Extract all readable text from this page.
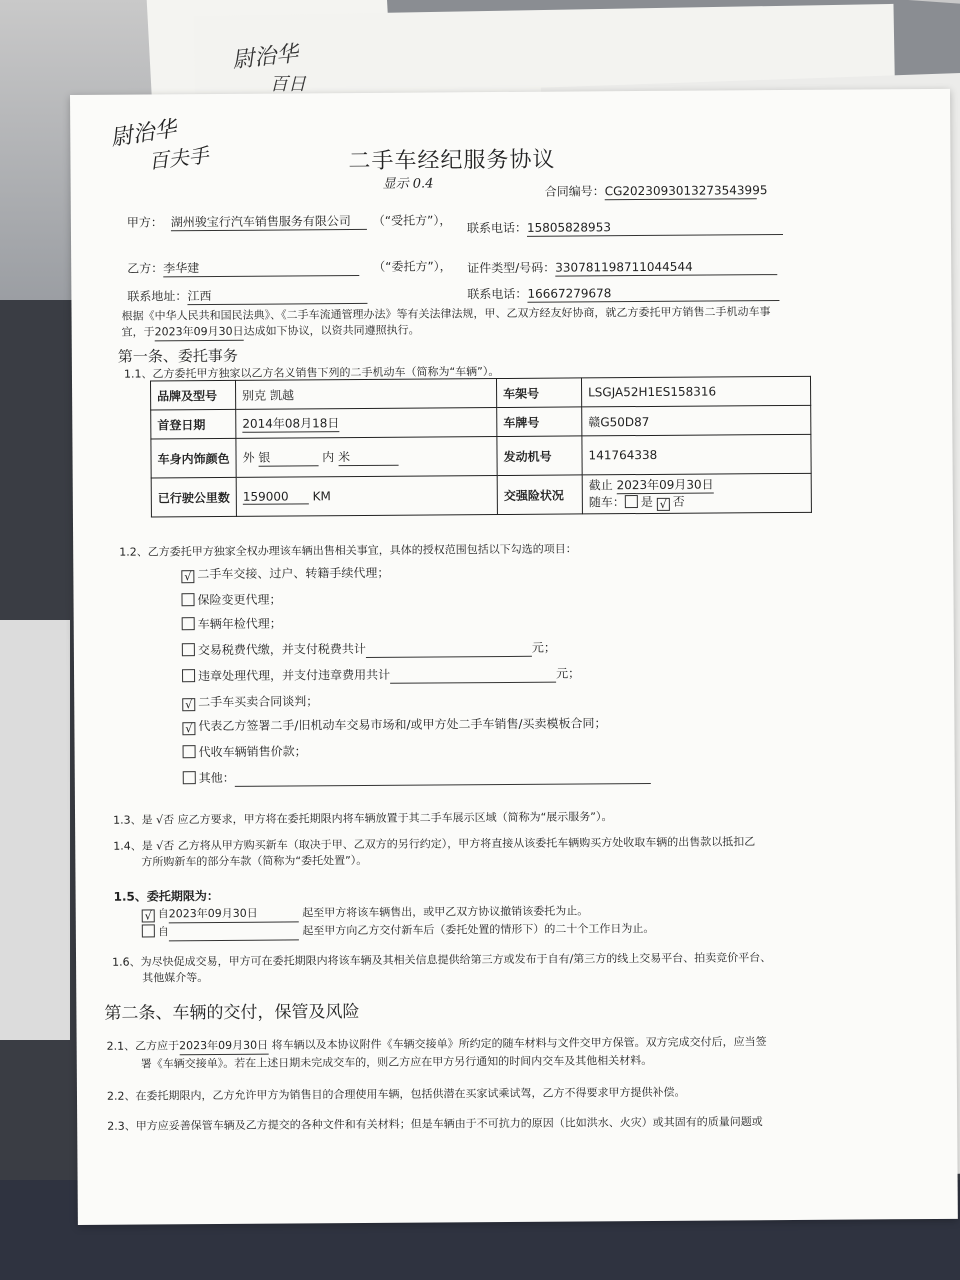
尉治华
百日
尉治华
百夫手	二手车经纪服务协议
显示 0.4	合同编号：CG2023093013273543995
甲方： 湖州骏宝行汽车销售服务有限公司	（“受托方”），
联系电话：15805828953
乙方：李华建	（“委托方”）， 证件类型/号码：330781198711044544
联系地址：江西	联系电话：16667279678
根据《中华人民共和国民法典》、《二手车流通管理办法》等有关法律法规，甲、乙双方经友好协商，就乙方委托甲方销售二手机动车事
宜，于2023年09月30日达成如下协议，以资共同遵照执行。
第一条、委托事务
1.1、乙方委托甲方独家以乙方名义销售下列的二手机动车（简称为“车辆”）。
品牌及型号	别克 凯越	车架号	LSGJA52H1ES158316
首登日期	2014年08月18日	车牌号	赣G50D87
车身内饰颜色	外 银 内 米	发动机号	141764338
已行驶公里数	159000 KM	交强险状况	截止 2023年09月30日
随车： 是 √ 否
1.2、乙方委托甲方独家全权办理该车辆出售相关事宜，具体的授权范围包括以下勾选的项目：
√ 二手车交接、过户、转籍手续代理；
保险变更代理；
车辆年检代理；
交易税费代缴，并支付税费共计	元；
违章处理代理，并支付违章费用共计	元；
√ 二手车买卖合同谈判；
√ 代表乙方签署二手/旧机动车交易市场和/或甲方处二手车销售/买卖模板合同；
代收车辆销售价款；
其他：
1.3、是 √否 应乙方要求，甲方将在委托期限内将车辆放置于其二手车展示区域（简称为“展示服务”）。
1.4、是 √否 乙方将从甲方购买新车（取决于甲、乙双方的另行约定），甲方将直接从该委托车辆购买方处收取车辆的出售款以抵扣乙
方所购新车的部分车款（简称为“委托处置”）。
1.5、委托期限为：
√ 自2023年09月30日	起至甲方将该车辆售出，或甲乙双方协议撤销该委托为止。
自	起至甲方向乙方交付新车后（委托处置的情形下）的二十个工作日为止。
1.6、为尽快促成交易，甲方可在委托期限内将该车辆及其相关信息提供给第三方或发布于自有/第三方的线上交易平台、拍卖竞价平台、
其他媒介等。
第二条、车辆的交付，保管及风险
2.1、乙方应于2023年09月30日 将车辆以及本协议附件《车辆交接单》所约定的随车材料与文件交甲方保管。双方完成交付后，应当签
署《车辆交接单》。若在上述日期未完成交车的，则乙方应在甲方另行通知的时间内交车及其他相关材料。
2.2、在委托期限内，乙方允许甲方为销售目的合理使用车辆，包括供潜在买家试乘试驾，乙方不得要求甲方提供补偿。
2.3、甲方应妥善保管车辆及乙方提交的各种文件和有关材料；但是车辆由于不可抗力的原因（比如洪水、火灾）或其固有的质量问题或
